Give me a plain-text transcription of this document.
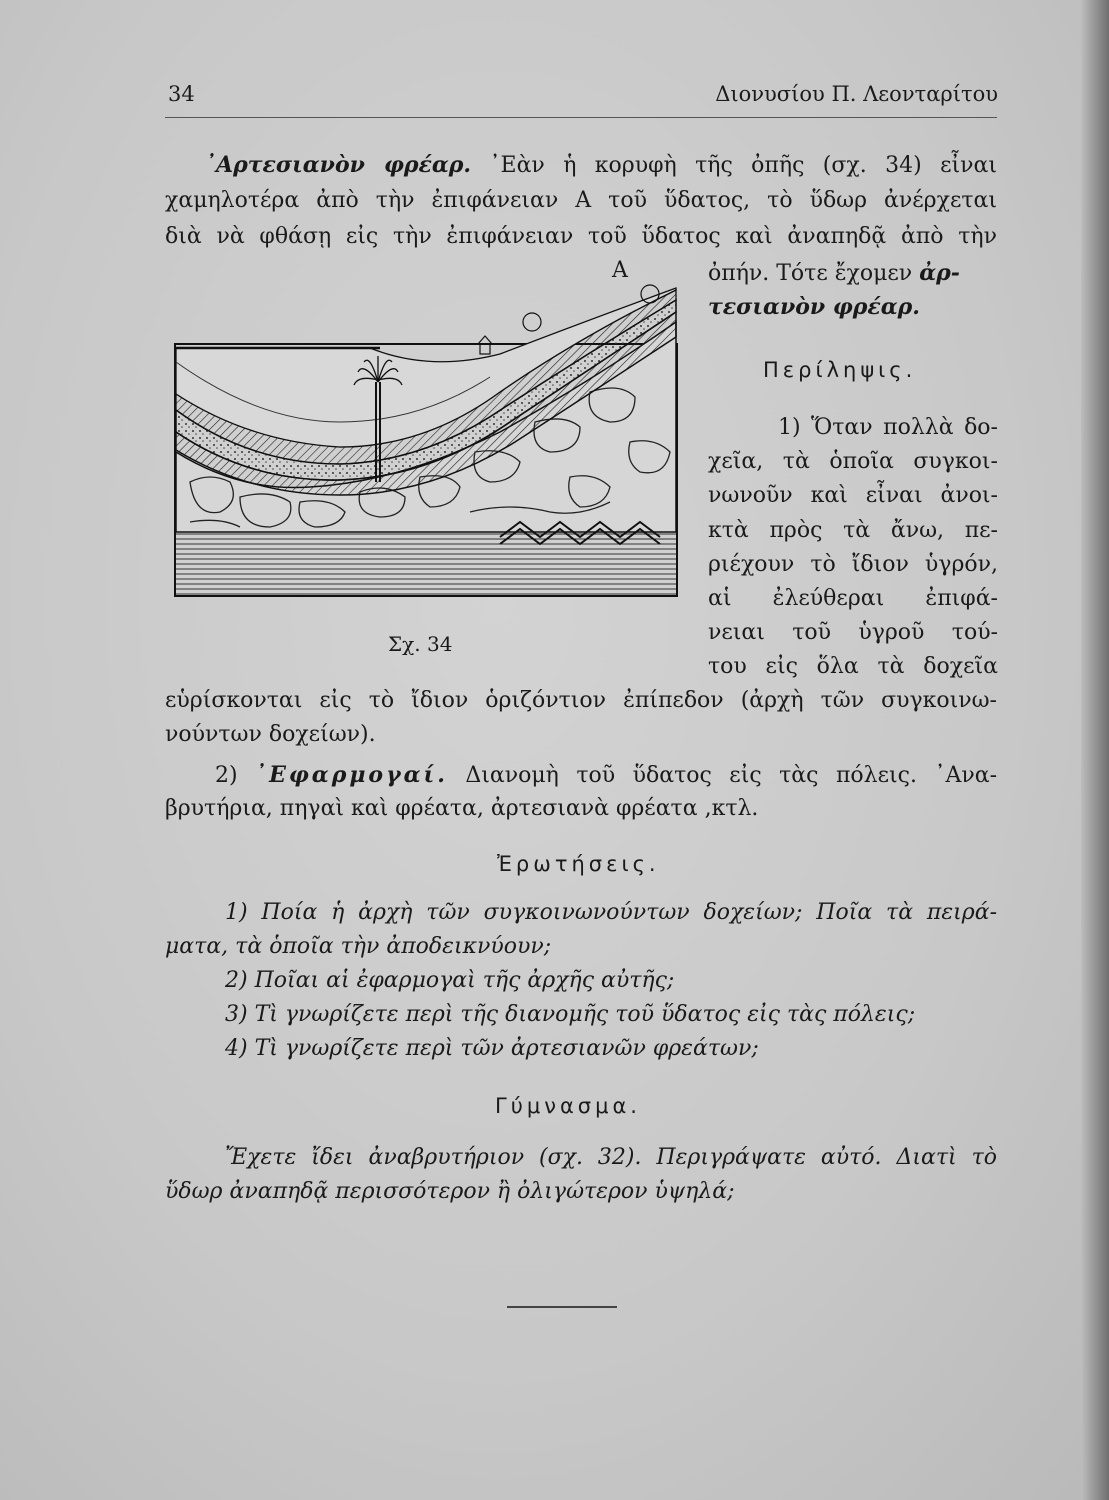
34	Διονυσίου Π. Λεονταρίτου
᾽Αρτεσιανὸν φρέαρ. ᾽Εὰν ἡ κορυφὴ τῆς ὀπῆς (σχ. 34) εἶναι
χαμηλοτέρα ἀπὸ τὴν ἐπιφάνειαν Α τοῦ ὕδατος, τὸ ὕδωρ ἀνέρχεται
διὰ νὰ φθάσῃ εἰς τὴν ἐπιφάνειαν τοῦ ὕδατος καὶ ἀναπηδᾷ ἀπὸ τὴν
Α	ὀπήν. Τότε ἔχομεν ἀρ-
τεσιανὸν φρέαρ.
Σχ. 34
Περίληψις.
1) Ὅταν πολλὰ δο-
χεῖα, τὰ ὁποῖα συγκοι-
νωνοῦν καὶ εἶναι ἀνοι-
κτὰ πρὸς τὰ ἄνω, πε-
ριέχουν τὸ ἴδιον ὑγρόν,
αἱ ἐλεύθεραι ἐπιφά-
νειαι τοῦ ὑγροῦ τού-
του εἰς ὅλα τὰ δοχεῖα
εὑρίσκονται εἰς τὸ ἴδιον ὁριζόντιον ἐπίπεδον (ἀρχὴ τῶν συγκοινω-
νούντων δοχείων).
2) ᾽Εφαρμογαί. Διανομὴ τοῦ ὕδατος εἰς τὰς πόλεις. ᾽Ανα-
βρυτήρια, πηγαὶ καὶ φρέατα, ἀρτεσιανὰ φρέατα ,κτλ.
Ἐρωτήσεις.
1) Ποία ἡ ἀρχὴ τῶν συγκοινωνούντων δοχείων; Ποῖα τὰ πειρά-
ματα, τὰ ὁποῖα τὴν ἀποδεικνύουν;
2) Ποῖαι αἱ ἐφαρμογαὶ τῆς ἀρχῆς αὐτῆς;
3) Τὶ γνωρίζετε περὶ τῆς διανομῆς τοῦ ὕδατος εἰς τὰς πόλεις;
4) Τὶ γνωρίζετε περὶ τῶν ἀρτεσιανῶν φρεάτων;
Γύμνασμα.
Ἔχετε ἴδει ἀναβρυτήριον (σχ. 32). Περιγράψατε αὐτό. Διατὶ τὸ
ὕδωρ ἀναπηδᾷ περισσότερον ἢ ὀλιγώτερον ὑψηλά;
